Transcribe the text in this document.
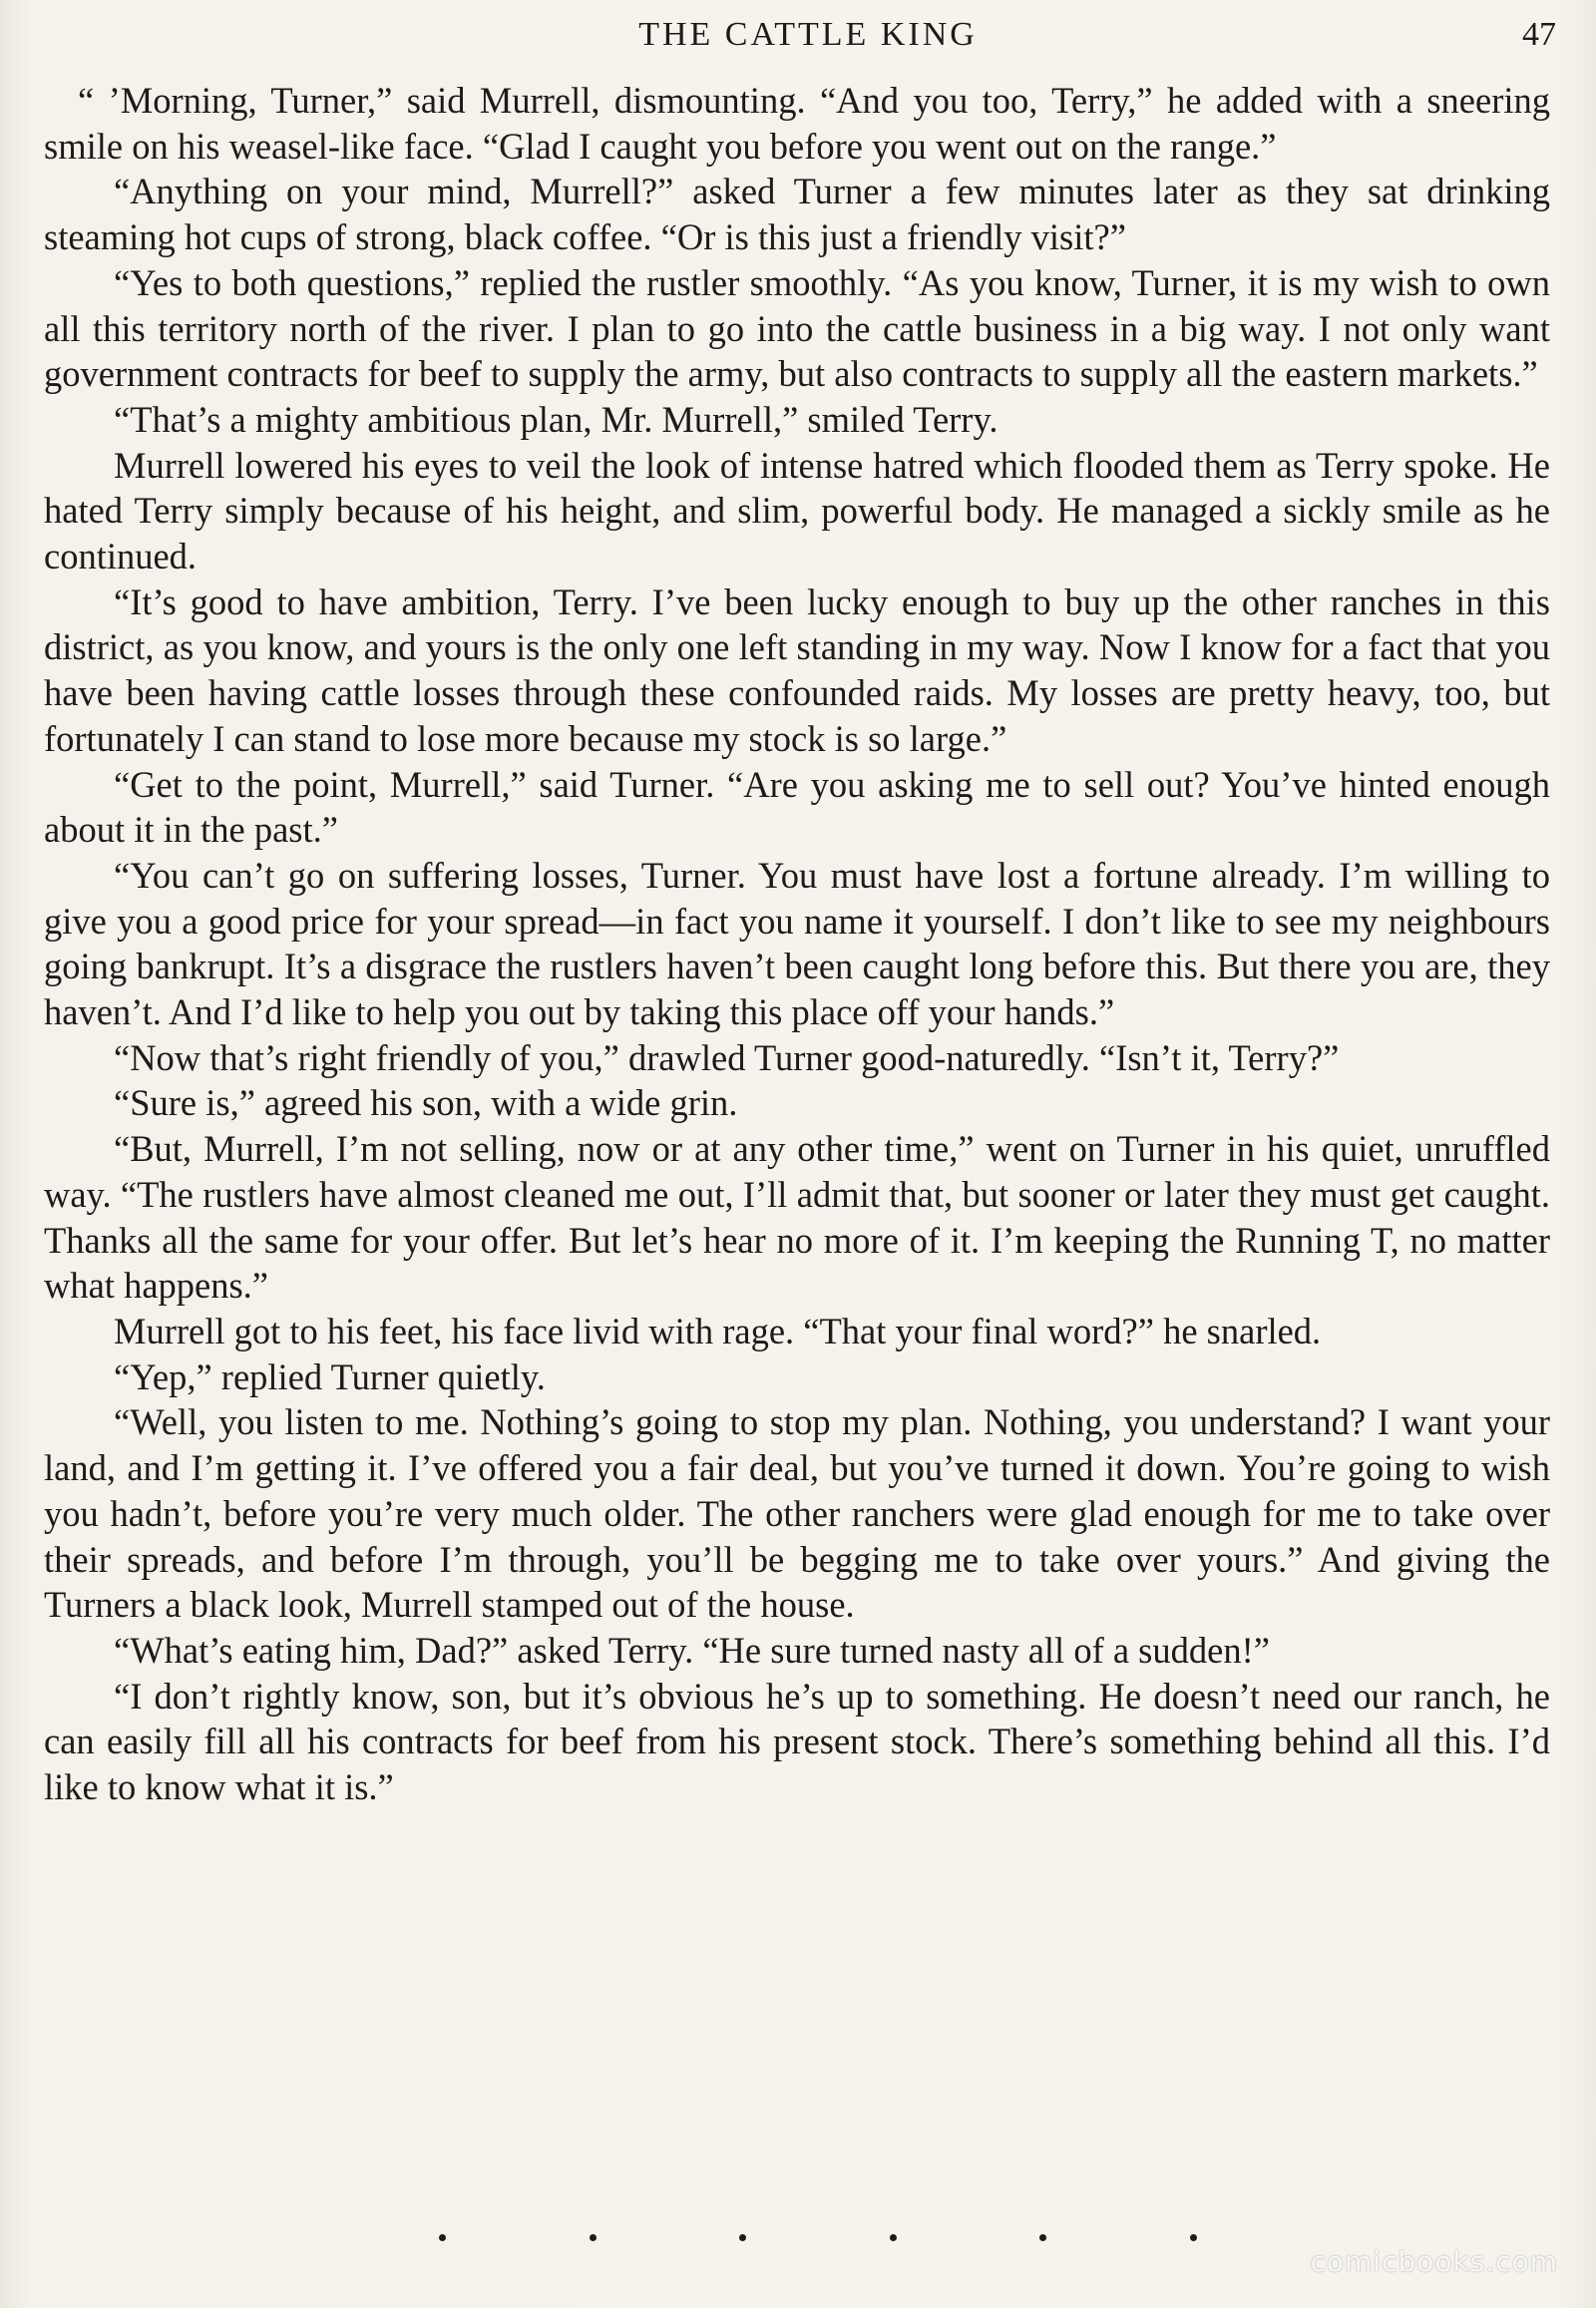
THE CATTLE KING	47

“ ’Morning, Turner,” said Murrell, dismounting. “And you too, Terry,” he added with a sneering smile on his weasel-like face. “Glad I caught you before you went out on the range.”

“Anything on your mind, Murrell?” asked Turner a few minutes later as they sat drinking steaming hot cups of strong, black coffee. “Or is this just a friendly visit?”

“Yes to both questions,” replied the rustler smoothly. “As you know, Turner, it is my wish to own all this territory north of the river. I plan to go into the cattle business in a big way. I not only want government contracts for beef to supply the army, but also contracts to supply all the eastern markets.”

“That’s a mighty ambitious plan, Mr. Murrell,” smiled Terry.

Murrell lowered his eyes to veil the look of intense hatred which flooded them as Terry spoke. He hated Terry simply because of his height, and slim, powerful body. He managed a sickly smile as he continued.

“It’s good to have ambition, Terry. I’ve been lucky enough to buy up the other ranches in this district, as you know, and yours is the only one left standing in my way. Now I know for a fact that you have been having cattle losses through these confounded raids. My losses are pretty heavy, too, but fortunately I can stand to lose more because my stock is so large.”

“Get to the point, Murrell,” said Turner. “Are you asking me to sell out? You’ve hinted enough about it in the past.”

“You can’t go on suffering losses, Turner. You must have lost a fortune already. I’m willing to give you a good price for your spread—in fact you name it yourself. I don’t like to see my neighbours going bankrupt. It’s a disgrace the rustlers haven’t been caught long before this. But there you are, they haven’t. And I’d like to help you out by taking this place off your hands.”

“Now that’s right friendly of you,” drawled Turner good-naturedly. “Isn’t it, Terry?”

“Sure is,” agreed his son, with a wide grin.

“But, Murrell, I’m not selling, now or at any other time,” went on Turner in his quiet, unruffled way. “The rustlers have almost cleaned me out, I’ll admit that, but sooner or later they must get caught. Thanks all the same for your offer. But let’s hear no more of it. I’m keeping the Running T, no matter what happens.”

Murrell got to his feet, his face livid with rage. “That your final word?” he snarled.

“Yep,” replied Turner quietly.

“Well, you listen to me. Nothing’s going to stop my plan. Nothing, you understand? I want your land, and I’m getting it. I’ve offered you a fair deal, but you’ve turned it down. You’re going to wish you hadn’t, before you’re very much older. The other ranchers were glad enough for me to take over their spreads, and before I’m through, you’ll be begging me to take over yours.” And giving the Turners a black look, Murrell stamped out of the house.

“What’s eating him, Dad?” asked Terry. “He sure turned nasty all of a sudden!”

“I don’t rightly know, son, but it’s obvious he’s up to something. He doesn’t need our ranch, he can easily fill all his contracts for beef from his present stock. There’s something behind all this. I’d like to know what it is.”

comicbooks.com
